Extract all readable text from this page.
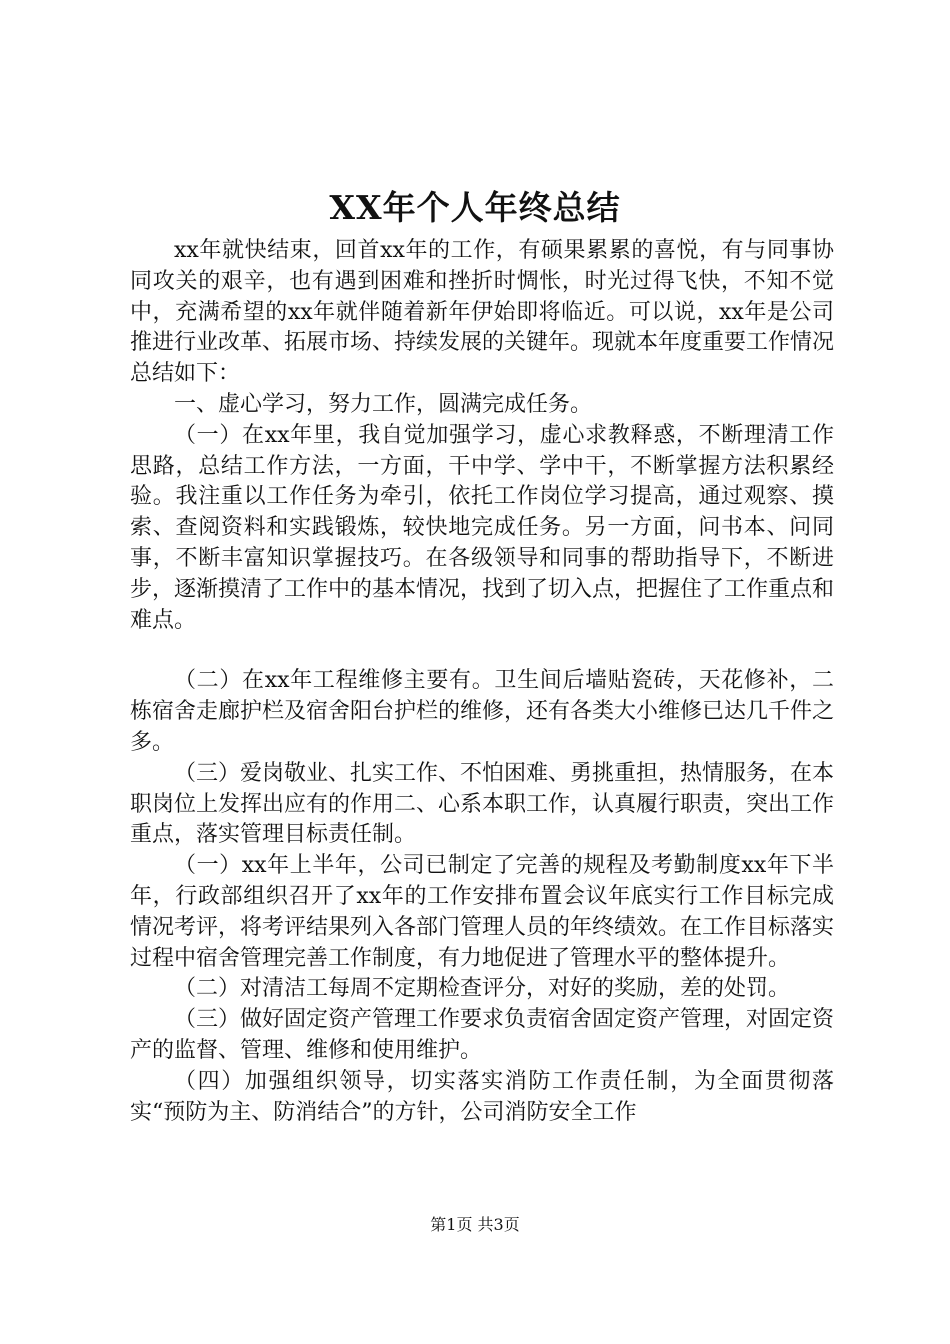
XX年个人年终总结

xx年就快结束，回首xx年的工作，有硕果累累的喜悦，有与同事协同攻关的艰辛，也有遇到困难和挫折时惆怅，时光过得飞快，不知不觉中，充满希望的xx年就伴随着新年伊始即将临近。可以说，xx年是公司推进行业改革、拓展市场、持续发展的关键年。现就本年度重要工作情况总结如下：

一、虚心学习，努力工作，圆满完成任务。

（一）在xx年里，我自觉加强学习，虚心求教释惑，不断理清工作思路，总结工作方法，一方面，干中学、学中干，不断掌握方法积累经验。我注重以工作任务为牵引，依托工作岗位学习提高，通过观察、摸索、查阅资料和实践锻炼，较快地完成任务。另一方面，问书本、问同事，不断丰富知识掌握技巧。在各级领导和同事的帮助指导下，不断进步，逐渐摸清了工作中的基本情况，找到了切入点，把握住了工作重点和难点。

（二）在xx年工程维修主要有。卫生间后墙贴瓷砖，天花修补，二栋宿舍走廊护栏及宿舍阳台护栏的维修，还有各类大小维修已达几千件之多。

（三）爱岗敬业、扎实工作、不怕困难、勇挑重担，热情服务，在本职岗位上发挥出应有的作用二、心系本职工作，认真履行职责，突出工作重点，落实管理目标责任制。

（一）xx年上半年，公司已制定了完善的规程及考勤制度xx年下半年，行政部组织召开了xx年的工作安排布置会议年底实行工作目标完成情况考评，将考评结果列入各部门管理人员的年终绩效。在工作目标落实过程中宿舍管理完善工作制度，有力地促进了管理水平的整体提升。

（二）对清洁工每周不定期检查评分，对好的奖励，差的处罚。

（三）做好固定资产管理工作要求负责宿舍固定资产管理，对固定资产的监督、管理、维修和使用维护。

（四）加强组织领导，切实落实消防工作责任制，为全面贯彻落实“预防为主、防消结合”的方针，公司消防安全工作

第1页 共3页
